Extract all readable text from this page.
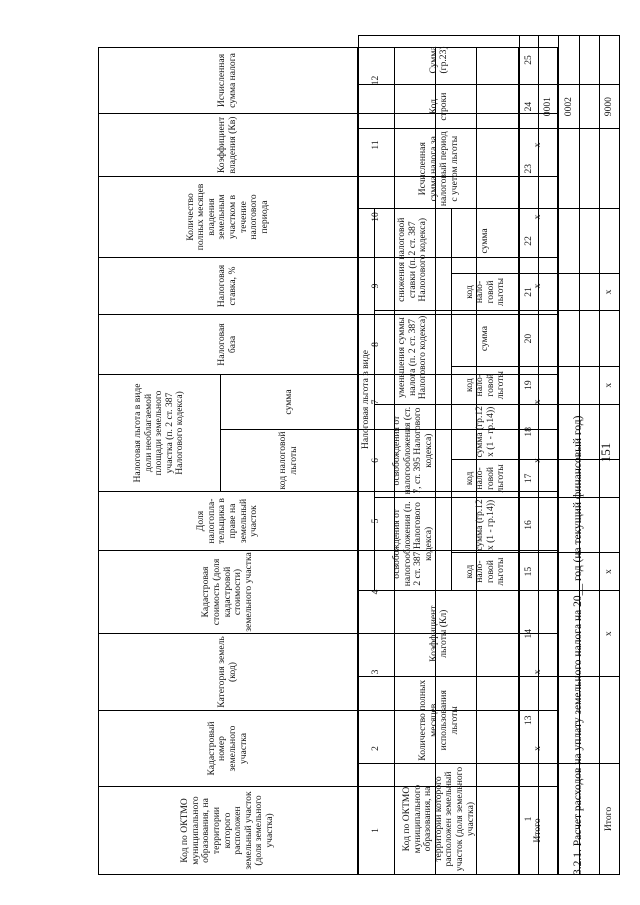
151
3.2.1. Расчет расходов на уплату земельного налога на 20__ год (на текущий финансовый год)
Код по ОКТМО муниципального образования, на территории которого расположен земельный участок (доля земельного участка)	Кадастровый номер земельного участка	Категория земель (код)	Кадастровая стоимость (доля кадастровой стоимости) земельного участка	Доля налогопла-тельщика в праве на земельный участок	Налоговая льгота в виде доли необлагаемой площади земельного участка (п. 2 ст. 387 Налогового кодекса)		Налоговая база	Налоговая ставка, %	Количество полных месяцев владения земельным участком в течение налогового периода	Коэффициент владения (Кв)	Исчисленная сумма налога
					код налоговой льготы	сумма					
1	2	3	4	5	6	7	8	9	10	11	12

Итого	x	x			x	x		x	x	x	
Код по ОКТМО муниципального образования, на территории которого расположен земельный участок (доля земельного участка)	Количество полных месяцев использования льготы	Коэффициент льготы (Кл)	Налоговая льгота в виде								Исчисленная сумма налога за налоговый период с учетом льготы	Код строки	Сумма (гр.23)
			освобождения от налогообложения (п. 2 ст. 387 Налогового кодекса)		освобождения от налогообложения (ст. 7, ст. 395 Налогового кодекса)		уменьшения суммы налога (п. 2 ст. 387 Налогового кодекса)		снижения налоговой ставки (п. 2 ст. 387 Налогового кодекса)				
			код нало-говой льготы	сумма (гр.12 x (1 - гр.14))	код нало-говой льготы	сумма (гр.12 x (1 - гр.14))	код нало-говой льготы	сумма	код нало-говой льготы	сумма			
1	13	14	15	16	17	18	19	20	21	22	23	24	25
												0001	
												0002	

Итого		x	x				x		x			9000	
